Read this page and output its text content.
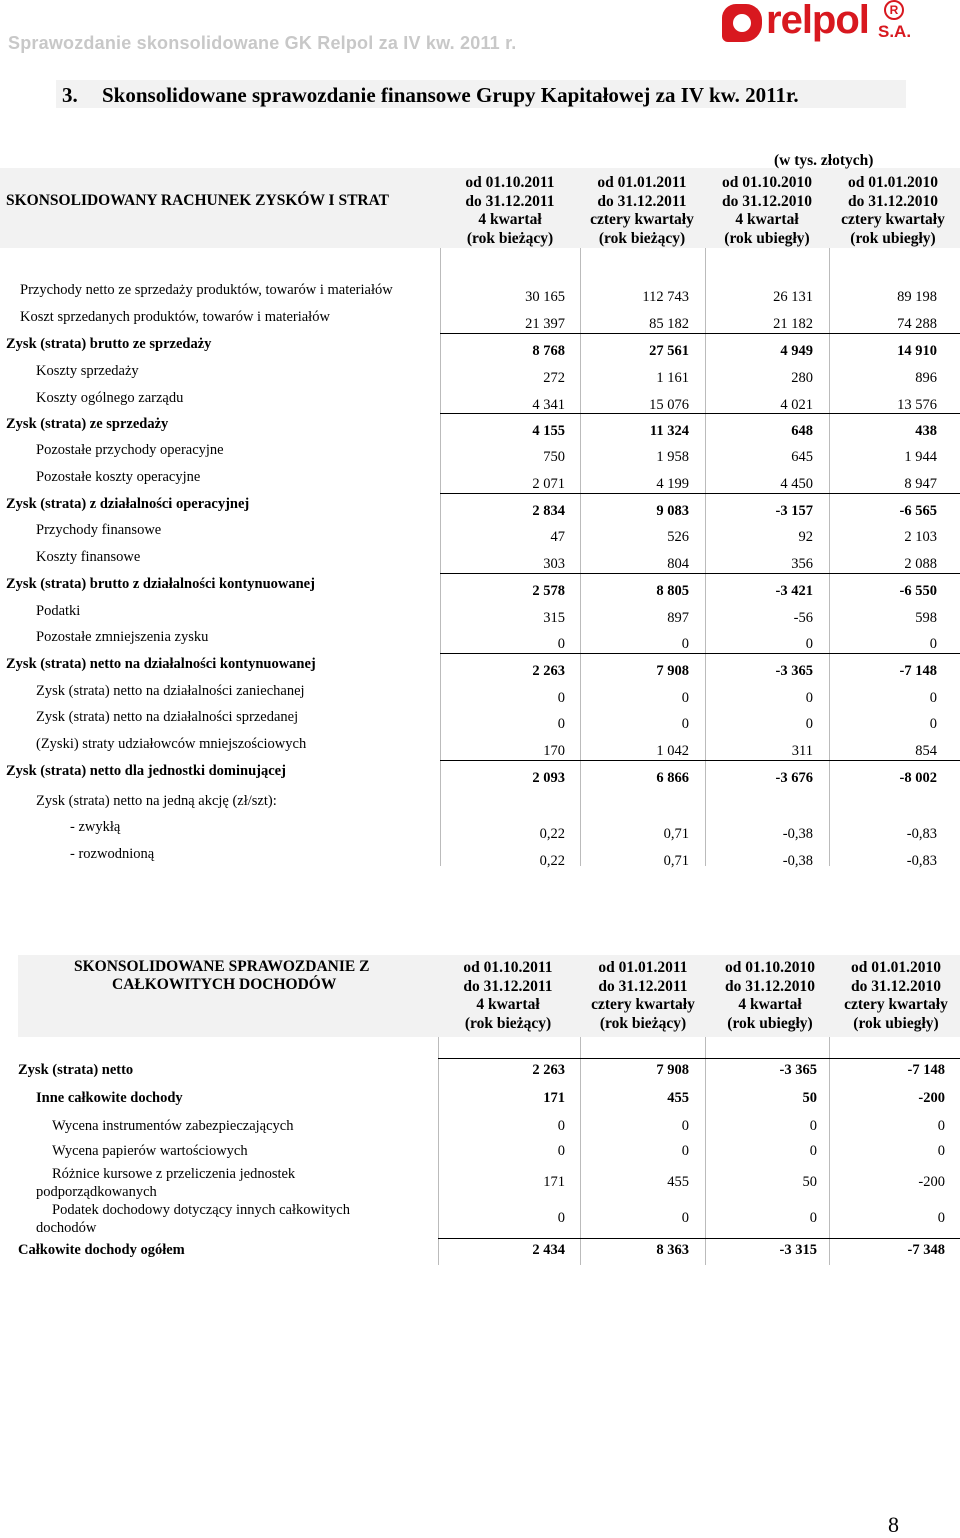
Sprawozdanie skonsolidowane GK Relpol za IV kw. 2011 r.
relpol	R
S.A.
3. Skonsolidowane sprawozdanie finansowe Grupy Kapitałowej za IV kw. 2011r.
(w tys. złotych)
SKONSOLIDOWANY RACHUNEK ZYSKÓW I STRAT
od 01.10.2011
do 31.12.2011
4 kwartał
(rok bieżący)
od 01.01.2011
do 31.12.2011
cztery kwartały
(rok bieżący)
od 01.10.2010
do 31.12.2010
4 kwartał
(rok ubiegły)
od 01.01.2010
do 31.12.2010
cztery kwartały
(rok ubiegły)
Przychody netto ze sprzedaży produktów, towarów i materiałów	30 165	112 743	26 131	89 198
Koszt sprzedanych produktów, towarów i materiałów	21 397	85 182	21 182	74 288
Zysk (strata) brutto ze sprzedaży	8 768	27 561	4 949	14 910
Koszty sprzedaży	272	1 161	280	896
Koszty ogólnego zarządu	4 341	15 076	4 021	13 576
Zysk (strata) ze sprzedaży	4 155	11 324	648	438
Pozostałe przychody operacyjne	750	1 958	645	1 944
Pozostałe koszty operacyjne	2 071	4 199	4 450	8 947
Zysk (strata) z działalności operacyjnej	2 834	9 083	-3 157	-6 565
Przychody finansowe	47	526	92	2 103
Koszty finansowe	303	804	356	2 088
Zysk (strata) brutto z działalności kontynuowanej	2 578	8 805	-3 421	-6 550
Podatki	315	897	-56	598
Pozostałe zmniejszenia zysku	0	0	0	0
Zysk (strata) netto na działalności kontynuowanej	2 263	7 908	-3 365	-7 148
Zysk (strata) netto na działalności zaniechanej	0	0	0	0
Zysk (strata) netto na działalności sprzedanej	0	0	0	0
(Zyski) straty udziałowców mniejszościowych	170	1 042	311	854
Zysk (strata) netto dla jednostki dominującej	2 093	6 866	-3 676	-8 002
Zysk (strata) netto na jedną akcję (zł/szt):
- zwykłą	0,22	0,71	-0,38	-0,83
- rozwodnioną	0,22	0,71	-0,38	-0,83
SKONSOLIDOWANE SPRAWOZDANIE Z
CAŁKOWITYCH DOCHODÓW
od 01.10.2011
do 31.12.2011
4 kwartał
(rok bieżący)
od 01.01.2011
do 31.12.2011
cztery kwartały
(rok bieżący)
od 01.10.2010
do 31.12.2010
4 kwartał
(rok ubiegły)
od 01.01.2010
do 31.12.2010
cztery kwartały
(rok ubiegły)
Zysk (strata) netto	2 263	7 908	-3 365	-7 148
Inne całkowite dochody	171	455	50	-200
Wycena instrumentów zabezpieczających	0	0	0	0
Wycena papierów wartościowych	0	0	0	0
Różnice kursowe z przeliczenia jednostek
podporządkowanych
171	455	50	-200
Podatek dochodowy dotyczący innych całkowitych
dochodów
0	0	0	0
Całkowite dochody ogółem	2 434	8 363	-3 315	-7 348
8
